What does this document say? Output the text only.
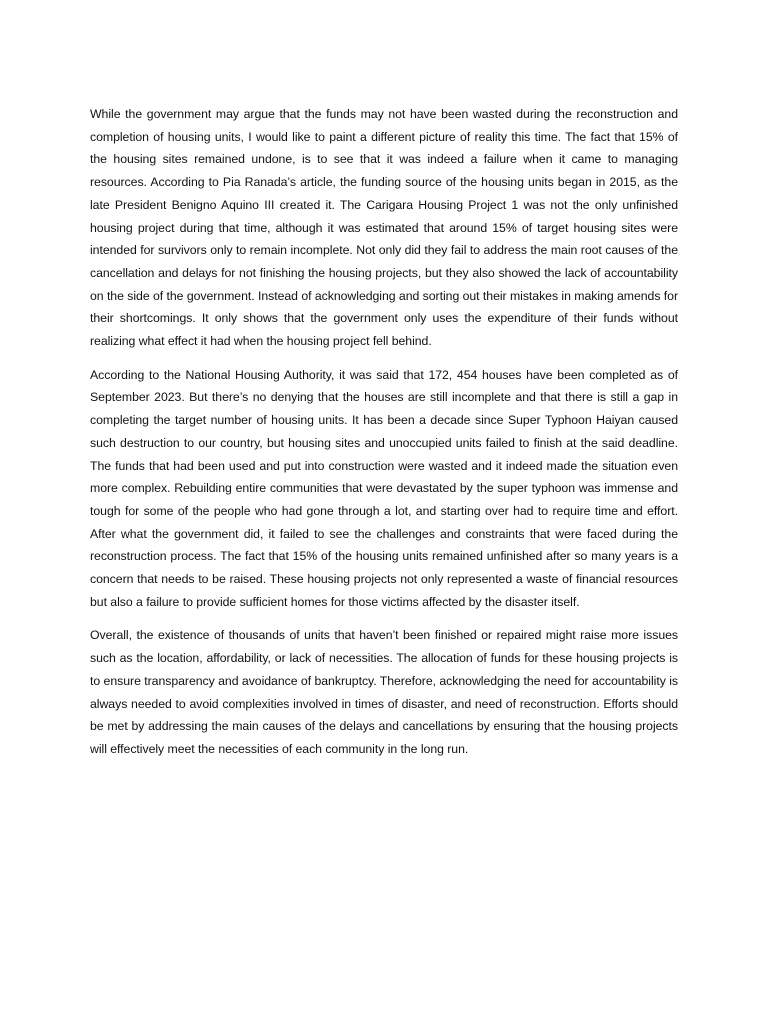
While the government may argue that the funds may not have been wasted during the reconstruction and completion of housing units, I would like to paint a different picture of reality this time. The fact that 15% of the housing sites remained undone, is to see that it was indeed a failure when it came to managing resources. According to Pia Ranada’s article, the funding source of the housing units began in 2015, as the late President Benigno Aquino III created it. The Carigara Housing Project 1 was not the only unfinished housing project during that time, although it was estimated that around 15% of target housing sites were intended for survivors only to remain incomplete. Not only did they fail to address the main root causes of the cancellation and delays for not finishing the housing projects, but they also showed the lack of accountability on the side of the government. Instead of acknowledging and sorting out their mistakes in making amends for their shortcomings. It only shows that the government only uses the expenditure of their funds without realizing what effect it had when the housing project fell behind.

According to the National Housing Authority, it was said that 172, 454 houses have been completed as of September 2023. But there’s no denying that the houses are still incomplete and that there is still a gap in completing the target number of housing units. It has been a decade since Super Typhoon Haiyan caused such destruction to our country, but housing sites and unoccupied units failed to finish at the said deadline. The funds that had been used and put into construction were wasted and it indeed made the situation even more complex. Rebuilding entire communities that were devastated by the super typhoon was immense and tough for some of the people who had gone through a lot, and starting over had to require time and effort. After what the government did, it failed to see the challenges and constraints that were faced during the reconstruction process. The fact that 15% of the housing units remained unfinished after so many years is a concern that needs to be raised. These housing projects not only represented a waste of financial resources but also a failure to provide sufficient homes for those victims affected by the disaster itself.

Overall, the existence of thousands of units that haven’t been finished or repaired might raise more issues such as the location, affordability, or lack of necessities. The allocation of funds for these housing projects is to ensure transparency and avoidance of bankruptcy. Therefore, acknowledging the need for accountability is always needed to avoid complexities involved in times of disaster, and need of reconstruction. Efforts should be met by addressing the main causes of the delays and cancellations by ensuring that the housing projects will effectively meet the necessities of each community in the long run.
